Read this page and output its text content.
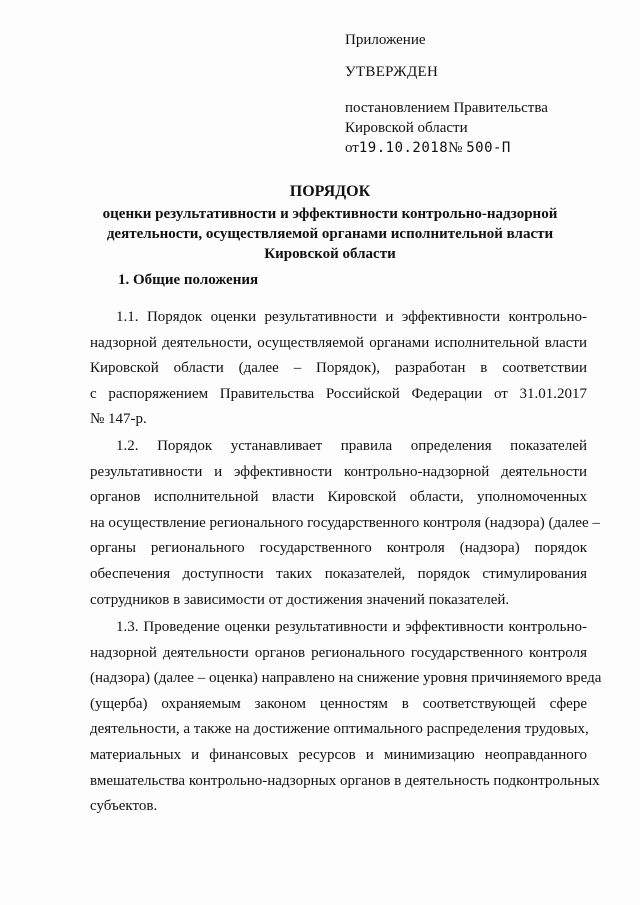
Приложение
УТВЕРЖДЕН
постановлением Правительства
Кировской области
от19.10.2018№ 500-П
ПОРЯДОК
оценки результативности и эффективности контрольно-надзорной
деятельности, осуществляемой органами исполнительной власти
Кировской области
1. Общие положения
1.1. Порядок оценки результативности и эффективности контрольно-
надзорной деятельности, осуществляемой органами исполнительной власти
Кировской области (далее – Порядок), разработан в соответствии
с распоряжением Правительства Российской Федерации от 31.01.2017
№ 147-р.
1.2. Порядок устанавливает правила определения показателей
результативности и эффективности контрольно-надзорной деятельности
органов исполнительной власти Кировской области, уполномоченных
на осуществление регионального государственного контроля (надзора) (далее –
органы регионального государственного контроля (надзора) порядок
обеспечения доступности таких показателей, порядок стимулирования
сотрудников в зависимости от достижения значений показателей.
1.3. Проведение оценки результативности и эффективности контрольно-
надзорной деятельности органов регионального государственного контроля
(надзора) (далее – оценка) направлено на снижение уровня причиняемого вреда
(ущерба) охраняемым законом ценностям в соответствующей сфере
деятельности, а также на достижение оптимального распределения трудовых,
материальных и финансовых ресурсов и минимизацию неоправданного
вмешательства контрольно-надзорных органов в деятельность подконтрольных
субъектов.
